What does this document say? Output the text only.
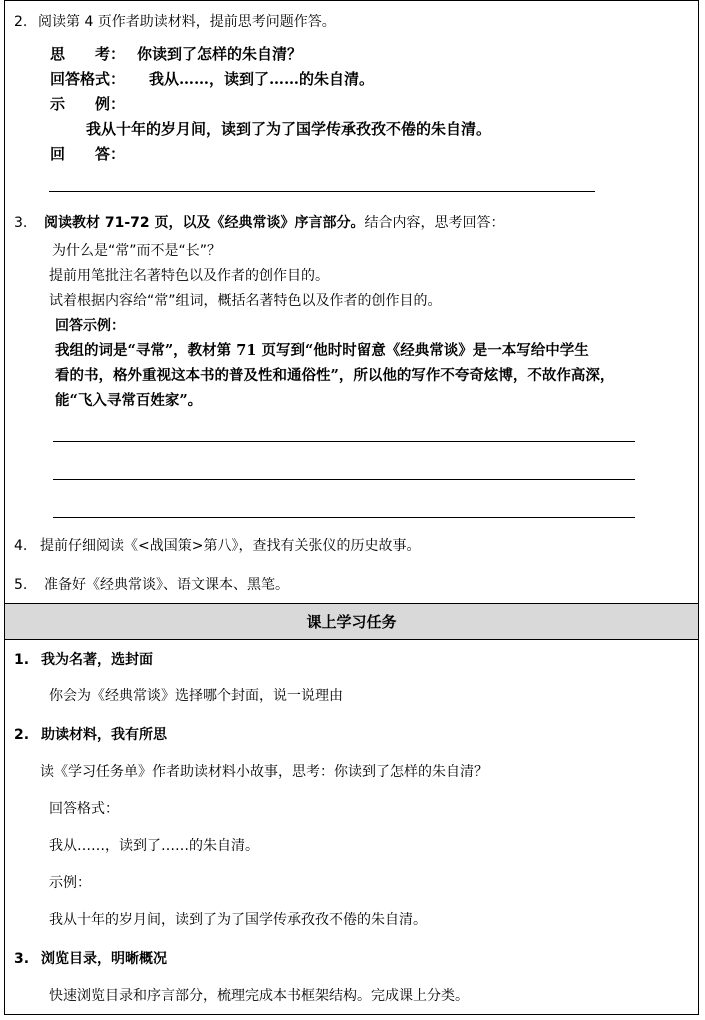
2. 阅读第 4 页作者助读材料，提前思考问题作答。
思　　考： 你读到了怎样的朱自清？
回答格式： 我从……，读到了……的朱自清。
示　　例：
我从十年的岁月间，读到了为了国学传承孜孜不倦的朱自清。
回　　答：
3. 阅读教材 71-72 页，以及《经典常谈》序言部分。结合内容，思考回答：
为什么是“常”而不是“长”？
提前用笔批注名著特色以及作者的创作目的。
试着根据内容给“常”组词，概括名著特色以及作者的创作目的。
回答示例：
我组的词是“寻常”，教材第 71 页写到“他时时留意《经典常谈》是一本写给中学生
看的书，格外重视这本书的普及性和通俗性”，所以他的写作不夸奇炫博，不故作高深，
能“飞入寻常百姓家”。
4. 提前仔细阅读《<战国策>第八》，查找有关张仪的历史故事。
5. 准备好《经典常谈》、语文课本、黑笔。
课上学习任务
1. 我为名著，选封面
你会为《经典常谈》选择哪个封面，说一说理由
2. 助读材料，我有所思
读《学习任务单》作者助读材料小故事，思考：你读到了怎样的朱自清？
回答格式：
我从……，读到了……的朱自清。
示例：
我从十年的岁月间，读到了为了国学传承孜孜不倦的朱自清。
3. 浏览目录，明晰概况
快速浏览目录和序言部分，梳理完成本书框架结构。完成课上分类。
